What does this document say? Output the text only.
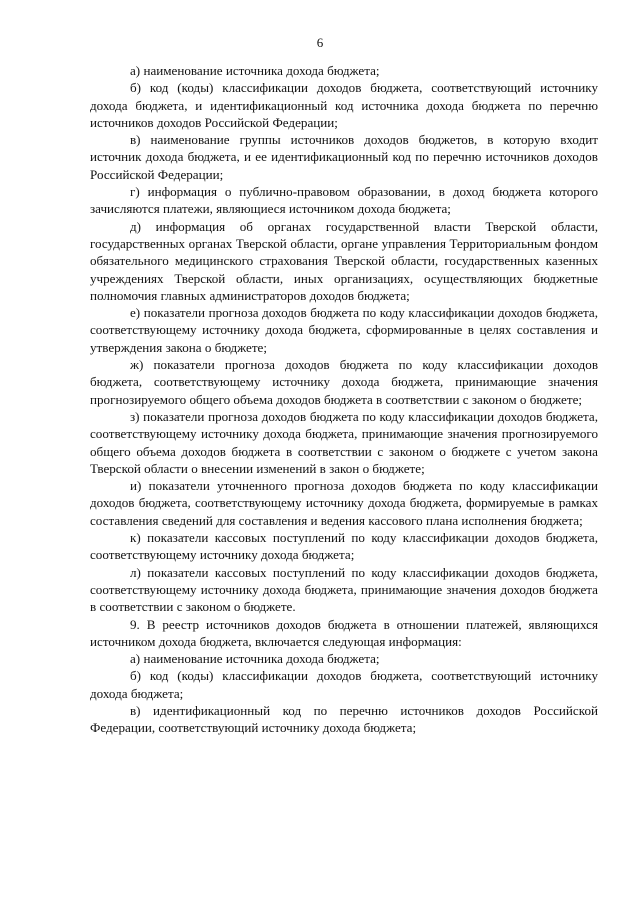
6

а) наименование источника дохода бюджета;

б) код (коды) классификации доходов бюджета, соответствующий источнику дохода бюджета, и идентификационный код источника дохода бюджета по перечню источников доходов Российской Федерации;

в) наименование группы источников доходов бюджетов, в которую входит источник дохода бюджета, и ее идентификационный код по перечню источников доходов Российской Федерации;

г) информация о публично-правовом образовании, в доход бюджета которого зачисляются платежи, являющиеся источником дохода бюджета;

д) информация об органах государственной власти Тверской области, государственных органах Тверской области, органе управления Территориальным фондом обязательного медицинского страхования Тверской области, государственных казенных учреждениях Тверской области, иных организациях, осуществляющих бюджетные полномочия главных администраторов доходов бюджета;

е) показатели прогноза доходов бюджета по коду классификации доходов бюджета, соответствующему источнику дохода бюджета, сформированные в целях составления и утверждения закона о бюджете;

ж) показатели прогноза доходов бюджета по коду классификации доходов бюджета, соответствующему источнику дохода бюджета, принимающие значения прогнозируемого общего объема доходов бюджета в соответствии с законом о бюджете;

з) показатели прогноза доходов бюджета по коду классификации доходов бюджета, соответствующему источнику дохода бюджета, принимающие значения прогнозируемого общего объема доходов бюджета в соответствии с законом о бюджете с учетом закона Тверской области о внесении изменений в закон о бюджете;

и) показатели уточненного прогноза доходов бюджета по коду классификации доходов бюджета, соответствующему источнику дохода бюджета, формируемые в рамках составления сведений для составления и ведения кассового плана исполнения бюджета;

к) показатели кассовых поступлений по коду классификации доходов бюджета, соответствующему источнику дохода бюджета;

л) показатели кассовых поступлений по коду классификации доходов бюджета, соответствующему источнику дохода бюджета, принимающие значения доходов бюджета в соответствии с законом о бюджете.

9. В реестр источников доходов бюджета в отношении платежей, являющихся источником дохода бюджета, включается следующая информация:

а) наименование источника дохода бюджета;

б) код (коды) классификации доходов бюджета, соответствующий источнику дохода бюджета;

в) идентификационный код по перечню источников доходов Российской Федерации, соответствующий источнику дохода бюджета;
